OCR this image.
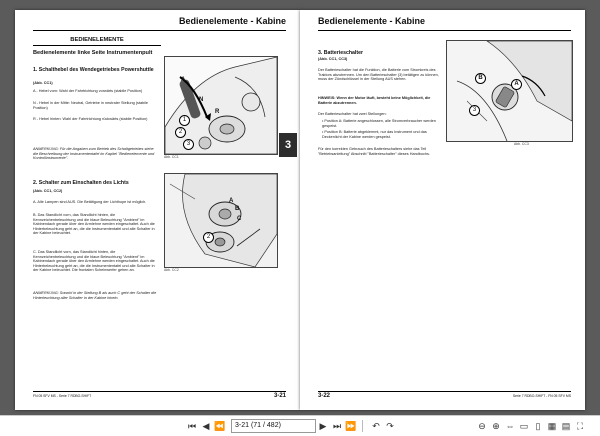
Bedienelemente - Kabine
BEDIENELEMENTE
Bedienelemente linke Seite Instrumentenpult
1. Schalthebel des Wendegetriebes Powershuttle
(Abb. CC1)
A - Hebel vorn: Wahl der Fahrtrichtung vorwärts (stabile Position)
N - Hebel in der Mitte: Neutral, Getriebe in neutraler Stellung (stabile Position)
R - Hebel hinten: Wahl der Fahrtrichtung rückwärts (stabile Position)
ANMERKUNG: Für die Angaben zum Betrieb des Schaltgetriebes siehe die Beschreibung der Instrumententafel im Kapitel "Bedienelemente und Kontrollinstrumente".
2. Schalter zum Einschalten des Lichts
(Abb. CC1, CC2)
A. Alle Lampen sind AUS. Die Betätigung der Lichthupe ist möglich.
B. Das Standlicht vorn, das Standlicht hinten, die Kennzeichenbeleuchtung und die blaue Beleuchtung "Ambient" im Kabinendach gerade über den Armlehne werden eingeschaltet. Auch die Hinterbeleuchtung geht an, die die Instrumententafel und alle Schalter in der Kabine beleuchtet.
C. Das Standlicht vorn, das Standlicht hinten, die Kennzeichenbeleuchtung und die blaue Beleuchtung "Ambient" im Kabinendach gerade über den Armlehne werden eingeschaltet. Auch die Hinterbeleuchtung geht an, die die Instrumententafel und alle Schalter in der Kabine beleuchtet. Die frontalen Scheinwerfer gehen an.
ANMERKUNG: Sowohl in der Stellung B als auch C geht der Schalter die Hinterleuchtung aller Schalter in der Kabine hinein.
A
N
R
1
2
3
Abb. CC1
A
B
C
2
Abb. CC2
FN 05 SFV MS - Serie 7 RDBO-SHIFT	3-21
3
Bedienelemente - Kabine
3. Batterieschalter
(Abb. CC1, CC3)
Der Batterieschalter hat die Funktion, die Batterie vom Stromkreis des Traktors abzutrennen. Um den Batterieschalter (3) betätigen zu können, muss der Zündschlüssel in der Stellung AUS stehen.
HINWEIS: Wenn der Motor läuft, besteht keine Möglichkeit, die Batterie abzutrennen.
Der Batterieschalter hat zwei Stellungen:
• Position A: Batterie angeschlossen, alle Stromverbraucher werden gespeist.
• Position B: Batterie abgeklemmt, nur das Instrument und das Deckenlicht der Kabine werden gespeist.
Für den korrekten Gebrauch des Batterieschalters siehe das Teil "Betriebsanleitung" Abschnitt "Batterieschalter" dieses Handbuchs.
A
B
3
Abb. CC3
3-22	Serie 7 RDBO-SHIFT - FN 05 SFV MS
⏮ ◀ ⏪	3-21 (71 / 482)	▶ ⏭ ⏩ ↶ ↷	⊖ ⊕ ⇔ ▭ ▯ ▦ ▤ ⛶
